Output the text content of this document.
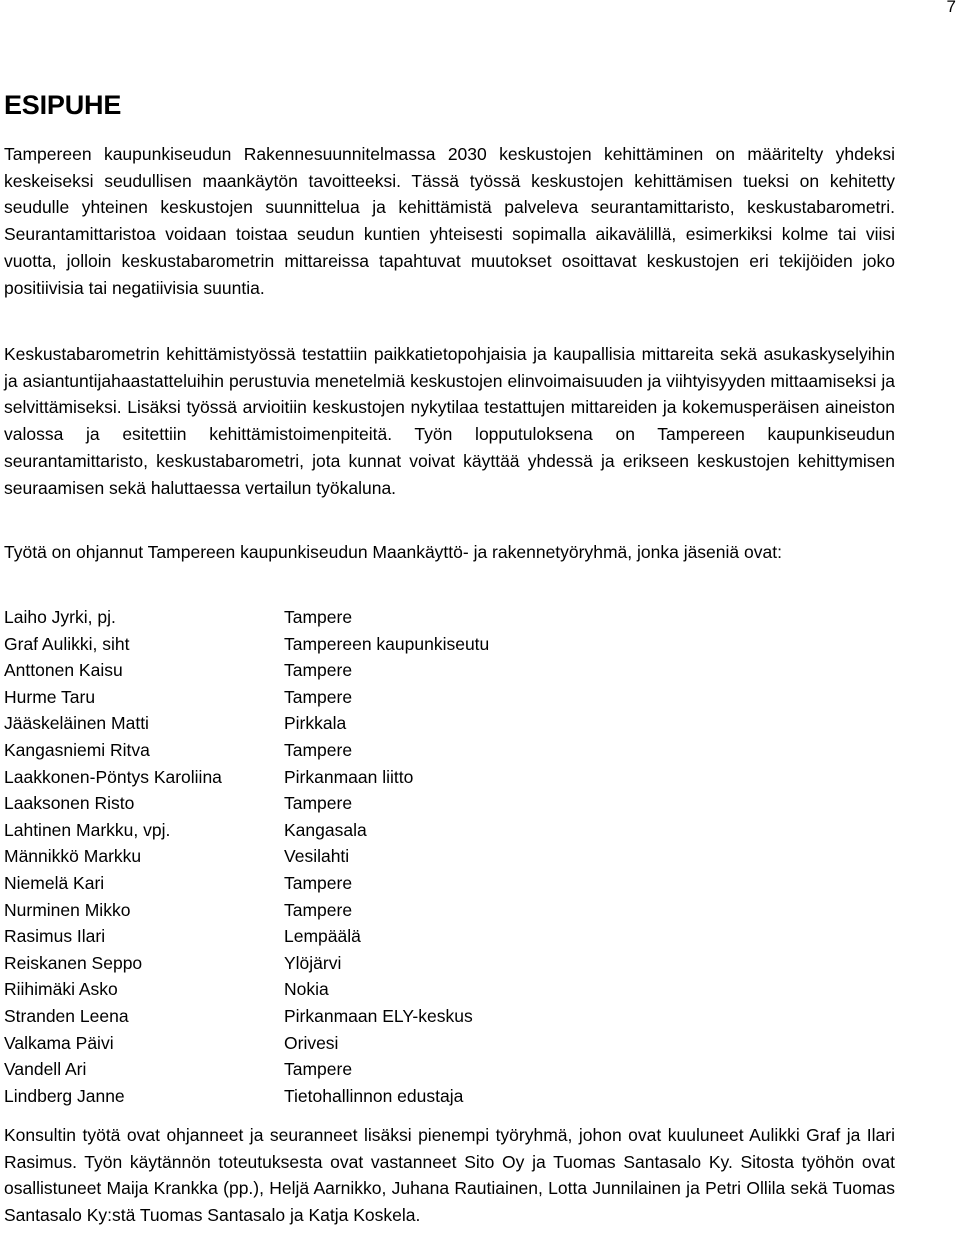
7
ESIPUHE

Tampereen kaupunkiseudun Rakennesuunnitelmassa 2030 keskustojen kehittäminen on määritelty yhdeksi keskeiseksi seudullisen maankäytön tavoitteeksi. Tässä työssä keskustojen kehittämisen tueksi on kehitetty seudulle yhteinen keskustojen suunnittelua ja kehittämistä palveleva seurantamittaristo, keskustabarometri. Seurantamittaristoa voidaan toistaa seudun kuntien yhteisesti sopimalla aikavälillä, esimerkiksi kolme tai viisi vuotta, jolloin keskustabarometrin mittareissa tapahtuvat muutokset osoittavat keskustojen eri tekijöiden joko positiivisia tai negatiivisia suuntia.

Keskustabarometrin kehittämistyössä testattiin paikkatietopohjaisia ja kaupallisia mittareita sekä asukaskyselyihin ja asiantuntijahaastatteluihin perustuvia menetelmiä keskustojen elinvoimaisuuden ja viihtyisyyden mittaamiseksi ja selvittämiseksi. Lisäksi työssä arvioitiin keskustojen nykytilaa testattujen mittareiden ja kokemusperäisen aineiston valossa ja esitettiin kehittämistoimenpiteitä. Työn lopputuloksena on Tampereen kaupunkiseudun seurantamittaristo, keskustabarometri, jota kunnat voivat käyttää yhdessä ja erikseen keskustojen kehittymisen seuraamisen sekä haluttaessa vertailun työkaluna.

Työtä on ohjannut Tampereen kaupunkiseudun Maankäyttö- ja rakennetyöryhmä, jonka jäseniä ovat:

Laiho Jyrki, pj.	Tampere
Graf Aulikki, siht	Tampereen kaupunkiseutu
Anttonen Kaisu	Tampere
Hurme Taru	Tampere
Jääskeläinen Matti	Pirkkala
Kangasniemi Ritva	Tampere
Laakkonen-Pöntys Karoliina	Pirkanmaan liitto
Laaksonen Risto	Tampere
Lahtinen Markku, vpj.	Kangasala
Männikkö Markku	Vesilahti
Niemelä Kari	Tampere
Nurminen Mikko	Tampere
Rasimus Ilari	Lempäälä
Reiskanen Seppo	Ylöjärvi
Riihimäki Asko	Nokia
Stranden Leena	Pirkanmaan ELY-keskus
Valkama Päivi	Orivesi
Vandell Ari	Tampere
Lindberg Janne	Tietohallinnon edustaja

Konsultin työtä ovat ohjanneet ja seuranneet lisäksi pienempi työryhmä, johon ovat kuuluneet Aulikki Graf ja Ilari Rasimus. Työn käytännön toteutuksesta ovat vastanneet Sito Oy ja Tuomas Santasalo Ky. Sitosta työhön ovat osallistuneet Maija Krankka (pp.), Heljä Aarnikko, Juhana Rautiainen, Lotta Junnilainen ja Petri Ollila sekä Tuomas Santasalo Ky:stä Tuomas Santasalo ja Katja Koskela.
